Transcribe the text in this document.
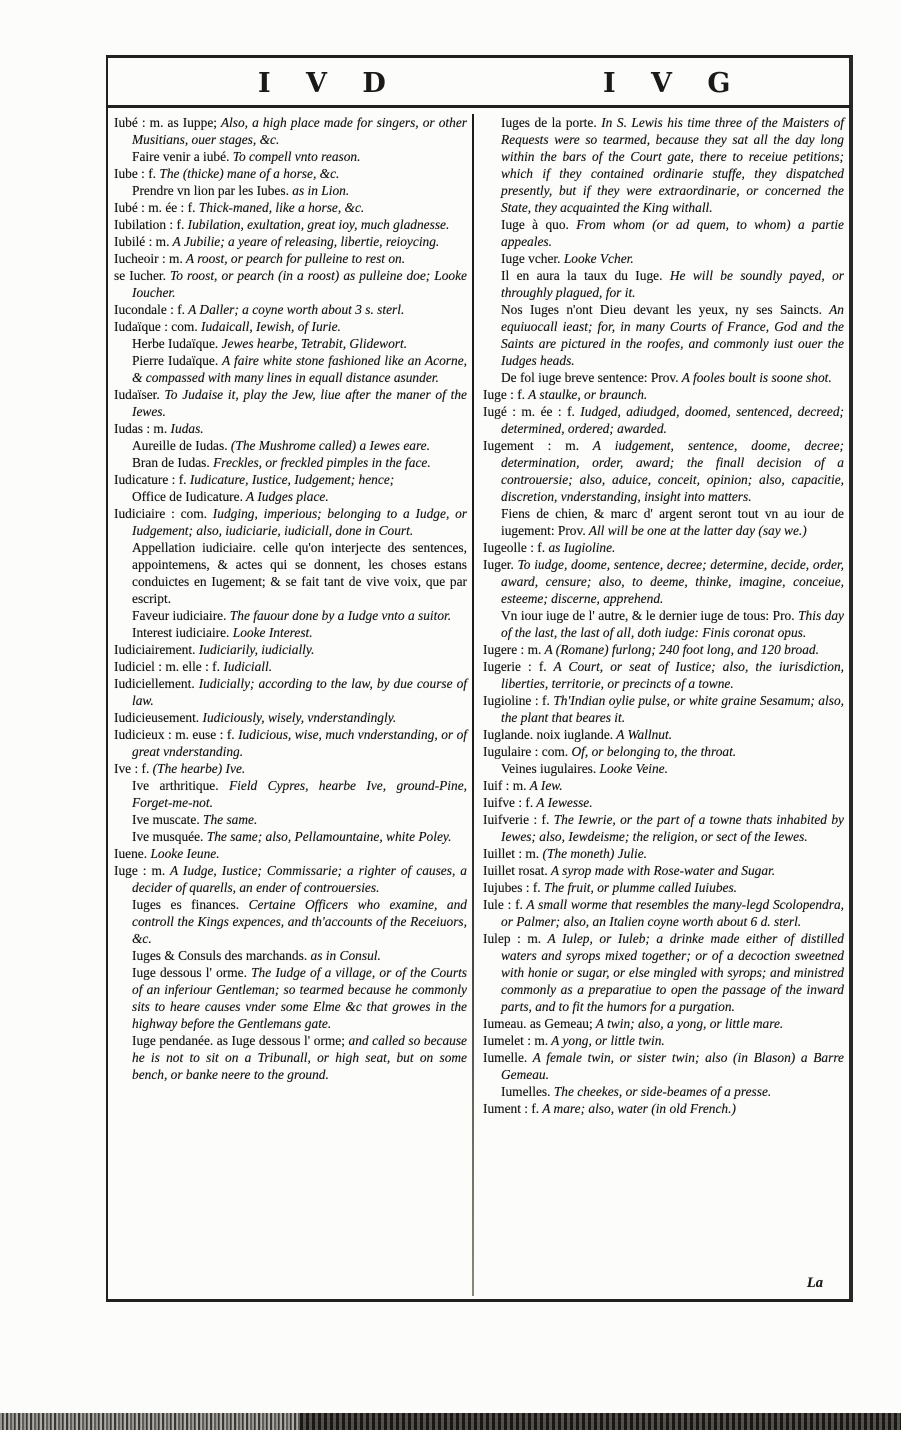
I V D	I V G

Iubé : m. as Iuppe; Also, a high place made for singers, or other Musitians, ouer stages, &c.

Faire venir a iubé. To compell vnto reason.

Iube : f. The (thicke) mane of a horse, &c.

Prendre vn lion par les Iubes. as in Lion.

Iubé : m. ée : f. Thick-maned, like a horse, &c.

Iubilation : f. Iubilation, exultation, great ioy, much gladnesse.

Iubilé : m. A Jubilie; a yeare of releasing, libertie, reioycing.

Iucheoir : m. A roost, or pearch for pulleine to rest on.

se Iucher. To roost, or pearch (in a roost) as pulleine doe; Looke Ioucher.

Iucondale : f. A Daller; a coyne worth about 3 s. sterl.

Iudaïque : com. Iudaicall, Iewish, of Iurie.

Herbe Iudaïque. Jewes hearbe, Tetrabit, Glidewort.

Pierre Iudaïque. A faire white stone fashioned like an Acorne, & compassed with many lines in equall distance asunder.

Iudaïser. To Judaise it, play the Jew, liue after the maner of the Iewes.

Iudas : m. Iudas.

Aureille de Iudas. (The Mushrome called) a Iewes eare.

Bran de Iudas. Freckles, or freckled pimples in the face.

Iudicature : f. Iudicature, Iustice, Iudgement; hence;

Office de Iudicature. A Iudges place.

Iudiciaire : com. Iudging, imperious; belonging to a Iudge, or Iudgement; also, iudiciarie, iudiciall, done in Court.

Appellation iudiciaire. celle qu'on interjecte des sentences, appointemens, & actes qui se donnent, les choses estans conduictes en Iugement; & se fait tant de vive voix, que par escript.

Faveur iudiciaire. The fauour done by a Iudge vnto a suitor.

Interest iudiciaire. Looke Interest.

Iudiciairement. Iudiciarily, iudicially.

Iudiciel : m. elle : f. Iudiciall.

Iudiciellement. Iudicially; according to the law, by due course of law.

Iudicieusement. Iudiciously, wisely, vnderstandingly.

Iudicieux : m. euse : f. Iudicious, wise, much vnderstanding, or of great vnderstanding.

Ive : f. (The hearbe) Ive.

Ive arthritique. Field Cypres, hearbe Ive, ground-Pine, Forget-me-not.

Ive muscate. The same.

Ive musquée. The same; also, Pellamountaine, white Poley.

Iuene. Looke Ieune.

Iuge : m. A Iudge, Iustice; Commissarie; a righter of causes, a decider of quarells, an ender of controuersies.

Iuges es finances. Certaine Officers who examine, and controll the Kings expences, and th'accounts of the Receiuors, &c.

Iuges & Consuls des marchands. as in Consul.

Iuge dessous l' orme. The Iudge of a village, or of the Courts of an inferiour Gentleman; so tearmed because he commonly sits to heare causes vnder some Elme &c that growes in the highway before the Gentlemans gate.

Iuge pendanée. as Iuge dessous l' orme; and called so because he is not to sit on a Tribunall, or high seat, but on some bench, or banke neere to the ground.

Iuges de la porte. In S. Lewis his time three of the Maisters of Requests were so tearmed, because they sat all the day long within the bars of the Court gate, there to receiue petitions; which if they contained ordinarie stuffe, they dispatched presently, but if they were extraordinarie, or concerned the State, they acquainted the King withall.

Iuge à quo. From whom (or ad quem, to whom) a partie appeales.

Iuge vcher. Looke Vcher.

Il en aura la taux du Iuge. He will be soundly payed, or throughly plagued, for it.

Nos Iuges n'ont Dieu devant les yeux, ny ses Saincts. An equiuocall ieast; for, in many Courts of France, God and the Saints are pictured in the roofes, and commonly iust ouer the Iudges heads.

De fol iuge breve sentence: Prov. A fooles boult is soone shot.

Iuge : f. A staulke, or braunch.

Iugé : m. ée : f. Iudged, adiudged, doomed, sentenced, decreed; determined, ordered; awarded.

Iugement : m. A iudgement, sentence, doome, decree; determination, order, award; the finall decision of a controuersie; also, aduice, conceit, opinion; also, capacitie, discretion, vnderstanding, insight into matters.

Fiens de chien, & marc d' argent seront tout vn au iour de iugement: Prov. All will be one at the latter day (say we.)

Iugeolle : f. as Iugioline.

Iuger. To iudge, doome, sentence, decree; determine, decide, order, award, censure; also, to deeme, thinke, imagine, conceiue, esteeme; discerne, apprehend.

Vn iour iuge de l' autre, & le dernier iuge de tous: Pro. This day of the last, the last of all, doth iudge: Finis coronat opus.

Iugere : m. A (Romane) furlong; 240 foot long, and 120 broad.

Iugerie : f. A Court, or seat of Iustice; also, the iurisdiction, liberties, territorie, or precincts of a towne.

Iugioline : f. Th'Indian oylie pulse, or white graine Sesamum; also, the plant that beares it.

Iuglande. noix iuglande. A Wallnut.

Iugulaire : com. Of, or belonging to, the throat.

Veines iugulaires. Looke Veine.

Iuif : m. A Iew.

Iuifve : f. A Iewesse.

Iuifverie : f. The Iewrie, or the part of a towne thats inhabited by Iewes; also, Iewdeisme; the religion, or sect of the Iewes.

Iuillet : m. (The moneth) Julie.

Iuillet rosat. A syrop made with Rose-water and Sugar.

Iujubes : f. The fruit, or plumme called Iuiubes.

Iule : f. A small worme that resembles the many-legd Scolopendra, or Palmer; also, an Italien coyne worth about 6 d. sterl.

Iulep : m. A Iulep, or Iuleb; a drinke made either of distilled waters and syrops mixed together; or of a decoction sweetned with honie or sugar, or else mingled with syrops; and ministred commonly as a preparatiue to open the passage of the inward parts, and to fit the humors for a purgation.

Iumeau. as Gemeau; A twin; also, a yong, or little mare.

Iumelet : m. A yong, or little twin.

Iumelle. A female twin, or sister twin; also (in Blason) a Barre Gemeau.

Iumelles. The cheekes, or side-beames of a presse.

Iument : f. A mare; also, water (in old French.)

La
